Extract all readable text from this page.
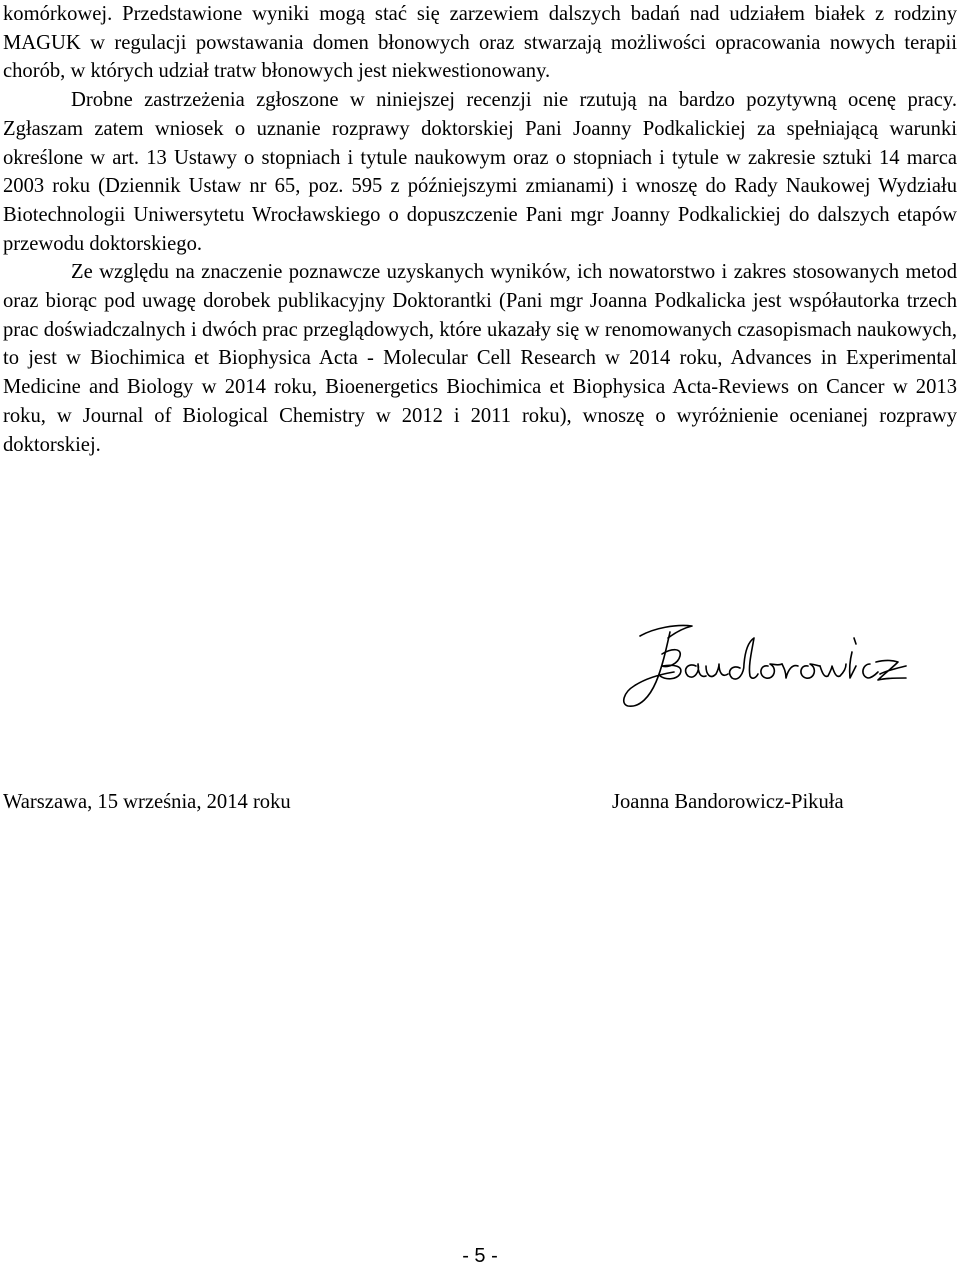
komórkowej. Przedstawione wyniki mogą stać się zarzewiem dalszych badań nad udziałem białek z rodziny MAGUK w regulacji powstawania domen błonowych oraz stwarzają możliwości opracowania nowych terapii chorób, w których udział tratw błonowych jest niekwestionowany.

Drobne zastrzeżenia zgłoszone w niniejszej recenzji nie rzutują na bardzo pozytywną ocenę pracy. Zgłaszam zatem wniosek o uznanie rozprawy doktorskiej Pani Joanny Podkalickiej za spełniającą warunki określone w art. 13 Ustawy o stopniach i tytule naukowym oraz o stopniach i tytule w zakresie sztuki 14 marca 2003 roku (Dziennik Ustaw nr 65, poz. 595 z późniejszymi zmianami) i wnoszę do Rady Naukowej Wydziału Biotechnologii Uniwersytetu Wrocławskiego o dopuszczenie Pani mgr Joanny Podkalickiej do dalszych etapów przewodu doktorskiego.

Ze względu na znaczenie poznawcze uzyskanych wyników, ich nowatorstwo i zakres stosowanych metod oraz biorąc pod uwagę dorobek publikacyjny Doktorantki (Pani mgr Joanna Podkalicka jest współautorka trzech prac doświadczalnych i dwóch prac przeglądowych, które ukazały się w renomowanych czasopismach naukowych, to jest w Biochimica et Biophysica Acta - Molecular Cell Research w 2014 roku, Advances in Experimental Medicine and Biology w 2014 roku, Bioenergetics Biochimica et Biophysica Acta-Reviews on Cancer w 2013 roku, w Journal of Biological Chemistry w 2012 i 2011 roku), wnoszę o wyróżnienie ocenianej rozprawy doktorskiej.

Warszawa, 15 września, 2014 roku	Joanna Bandorowicz-Pikuła
- 5 -
